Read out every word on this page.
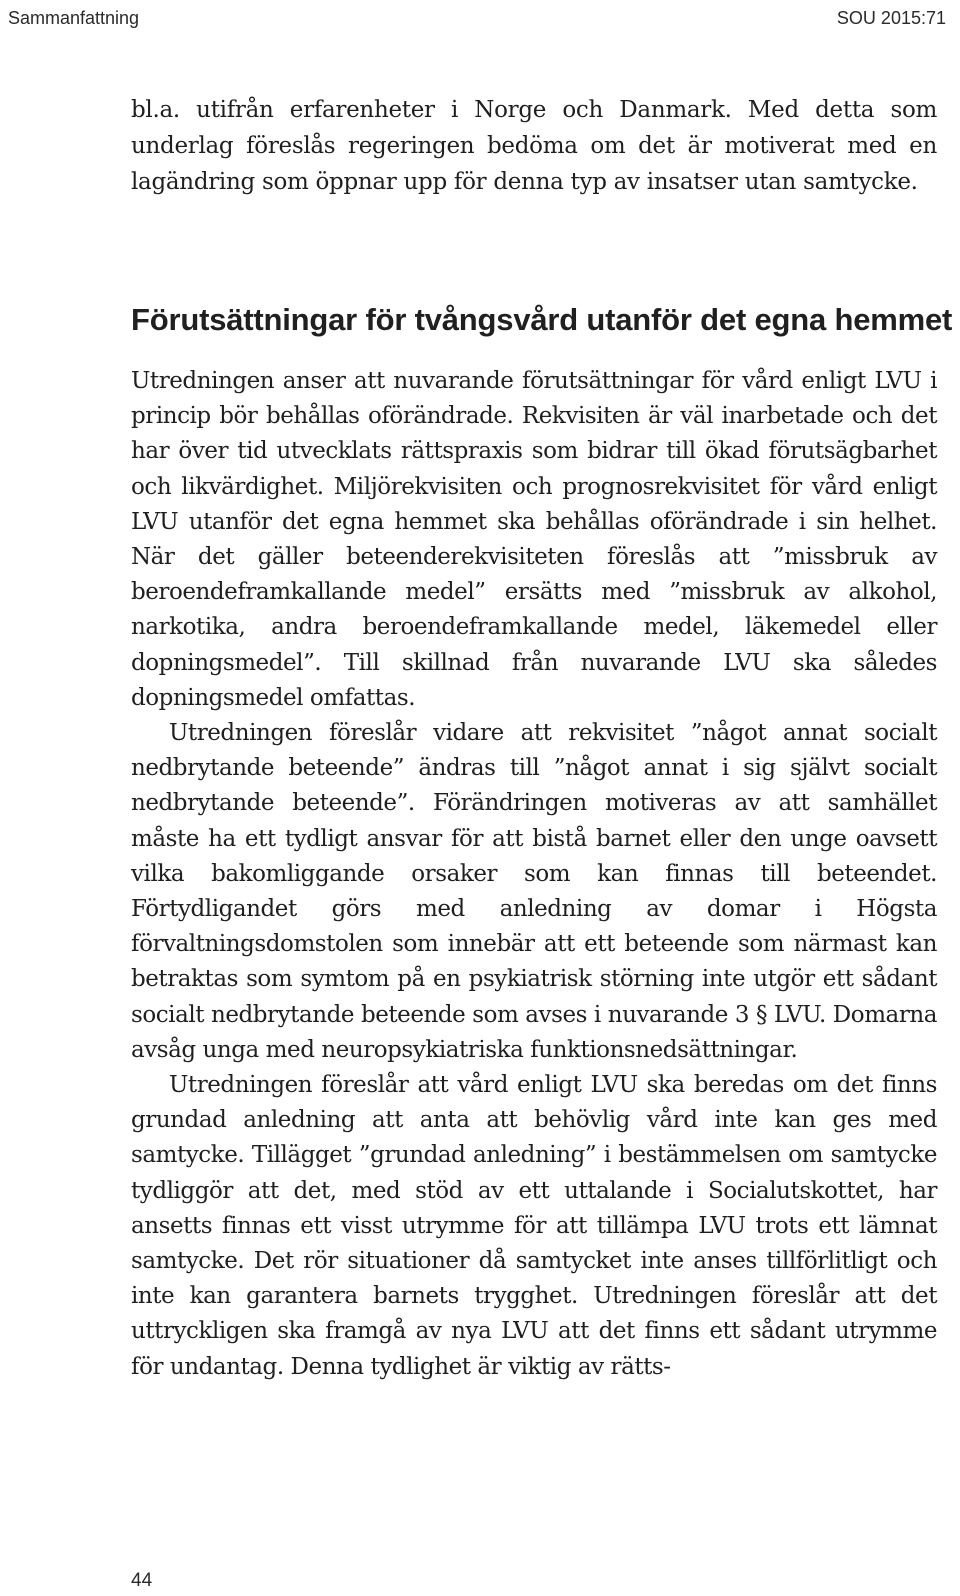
Sammanfattning	SOU 2015:71

bl.a. utifrån erfarenheter i Norge och Danmark. Med detta som underlag föreslås regeringen bedöma om det är motiverat med en lagändring som öppnar upp för denna typ av insatser utan samtycke.

Förutsättningar för tvångsvård utanför det egna hemmet

Utredningen anser att nuvarande förutsättningar för vård enligt LVU i princip bör behållas oförändrade. Rekvisiten är väl inarbetade och det har över tid utvecklats rättspraxis som bidrar till ökad förutsägbarhet och likvärdighet. Miljörekvisiten och prognosrekvisitet för vård enligt LVU utanför det egna hemmet ska behållas oförändrade i sin helhet. När det gäller beteenderekvisiteten föreslås att ”missbruk av beroendeframkallande medel” ersätts med ”missbruk av alkohol, narkotika, andra beroendeframkallande medel, läkemedel eller dopningsmedel”. Till skillnad från nuvarande LVU ska således dopningsmedel omfattas.

Utredningen föreslår vidare att rekvisitet ”något annat socialt nedbrytande beteende” ändras till ”något annat i sig självt socialt nedbrytande beteende”. Förändringen motiveras av att samhället måste ha ett tydligt ansvar för att bistå barnet eller den unge oavsett vilka bakomliggande orsaker som kan finnas till beteendet. Förtydligandet görs med anledning av domar i Högsta förvaltningsdomstolen som innebär att ett beteende som närmast kan betraktas som symtom på en psykiatrisk störning inte utgör ett sådant socialt nedbrytande beteende som avses i nuvarande 3 § LVU. Domarna avsåg unga med neuropsykiatriska funktionsnedsättningar.

Utredningen föreslår att vård enligt LVU ska beredas om det finns grundad anledning att anta att behövlig vård inte kan ges med samtycke. Tillägget ”grundad anledning” i bestämmelsen om samtycke tydliggör att det, med stöd av ett uttalande i Socialutskottet, har ansetts finnas ett visst utrymme för att tillämpa LVU trots ett lämnat samtycke. Det rör situationer då samtycket inte anses tillförlitligt och inte kan garantera barnets trygghet. Utredningen föreslår att det uttryckligen ska framgå av nya LVU att det finns ett sådant utrymme för undantag. Denna tydlighet är viktig av rätts-

44
